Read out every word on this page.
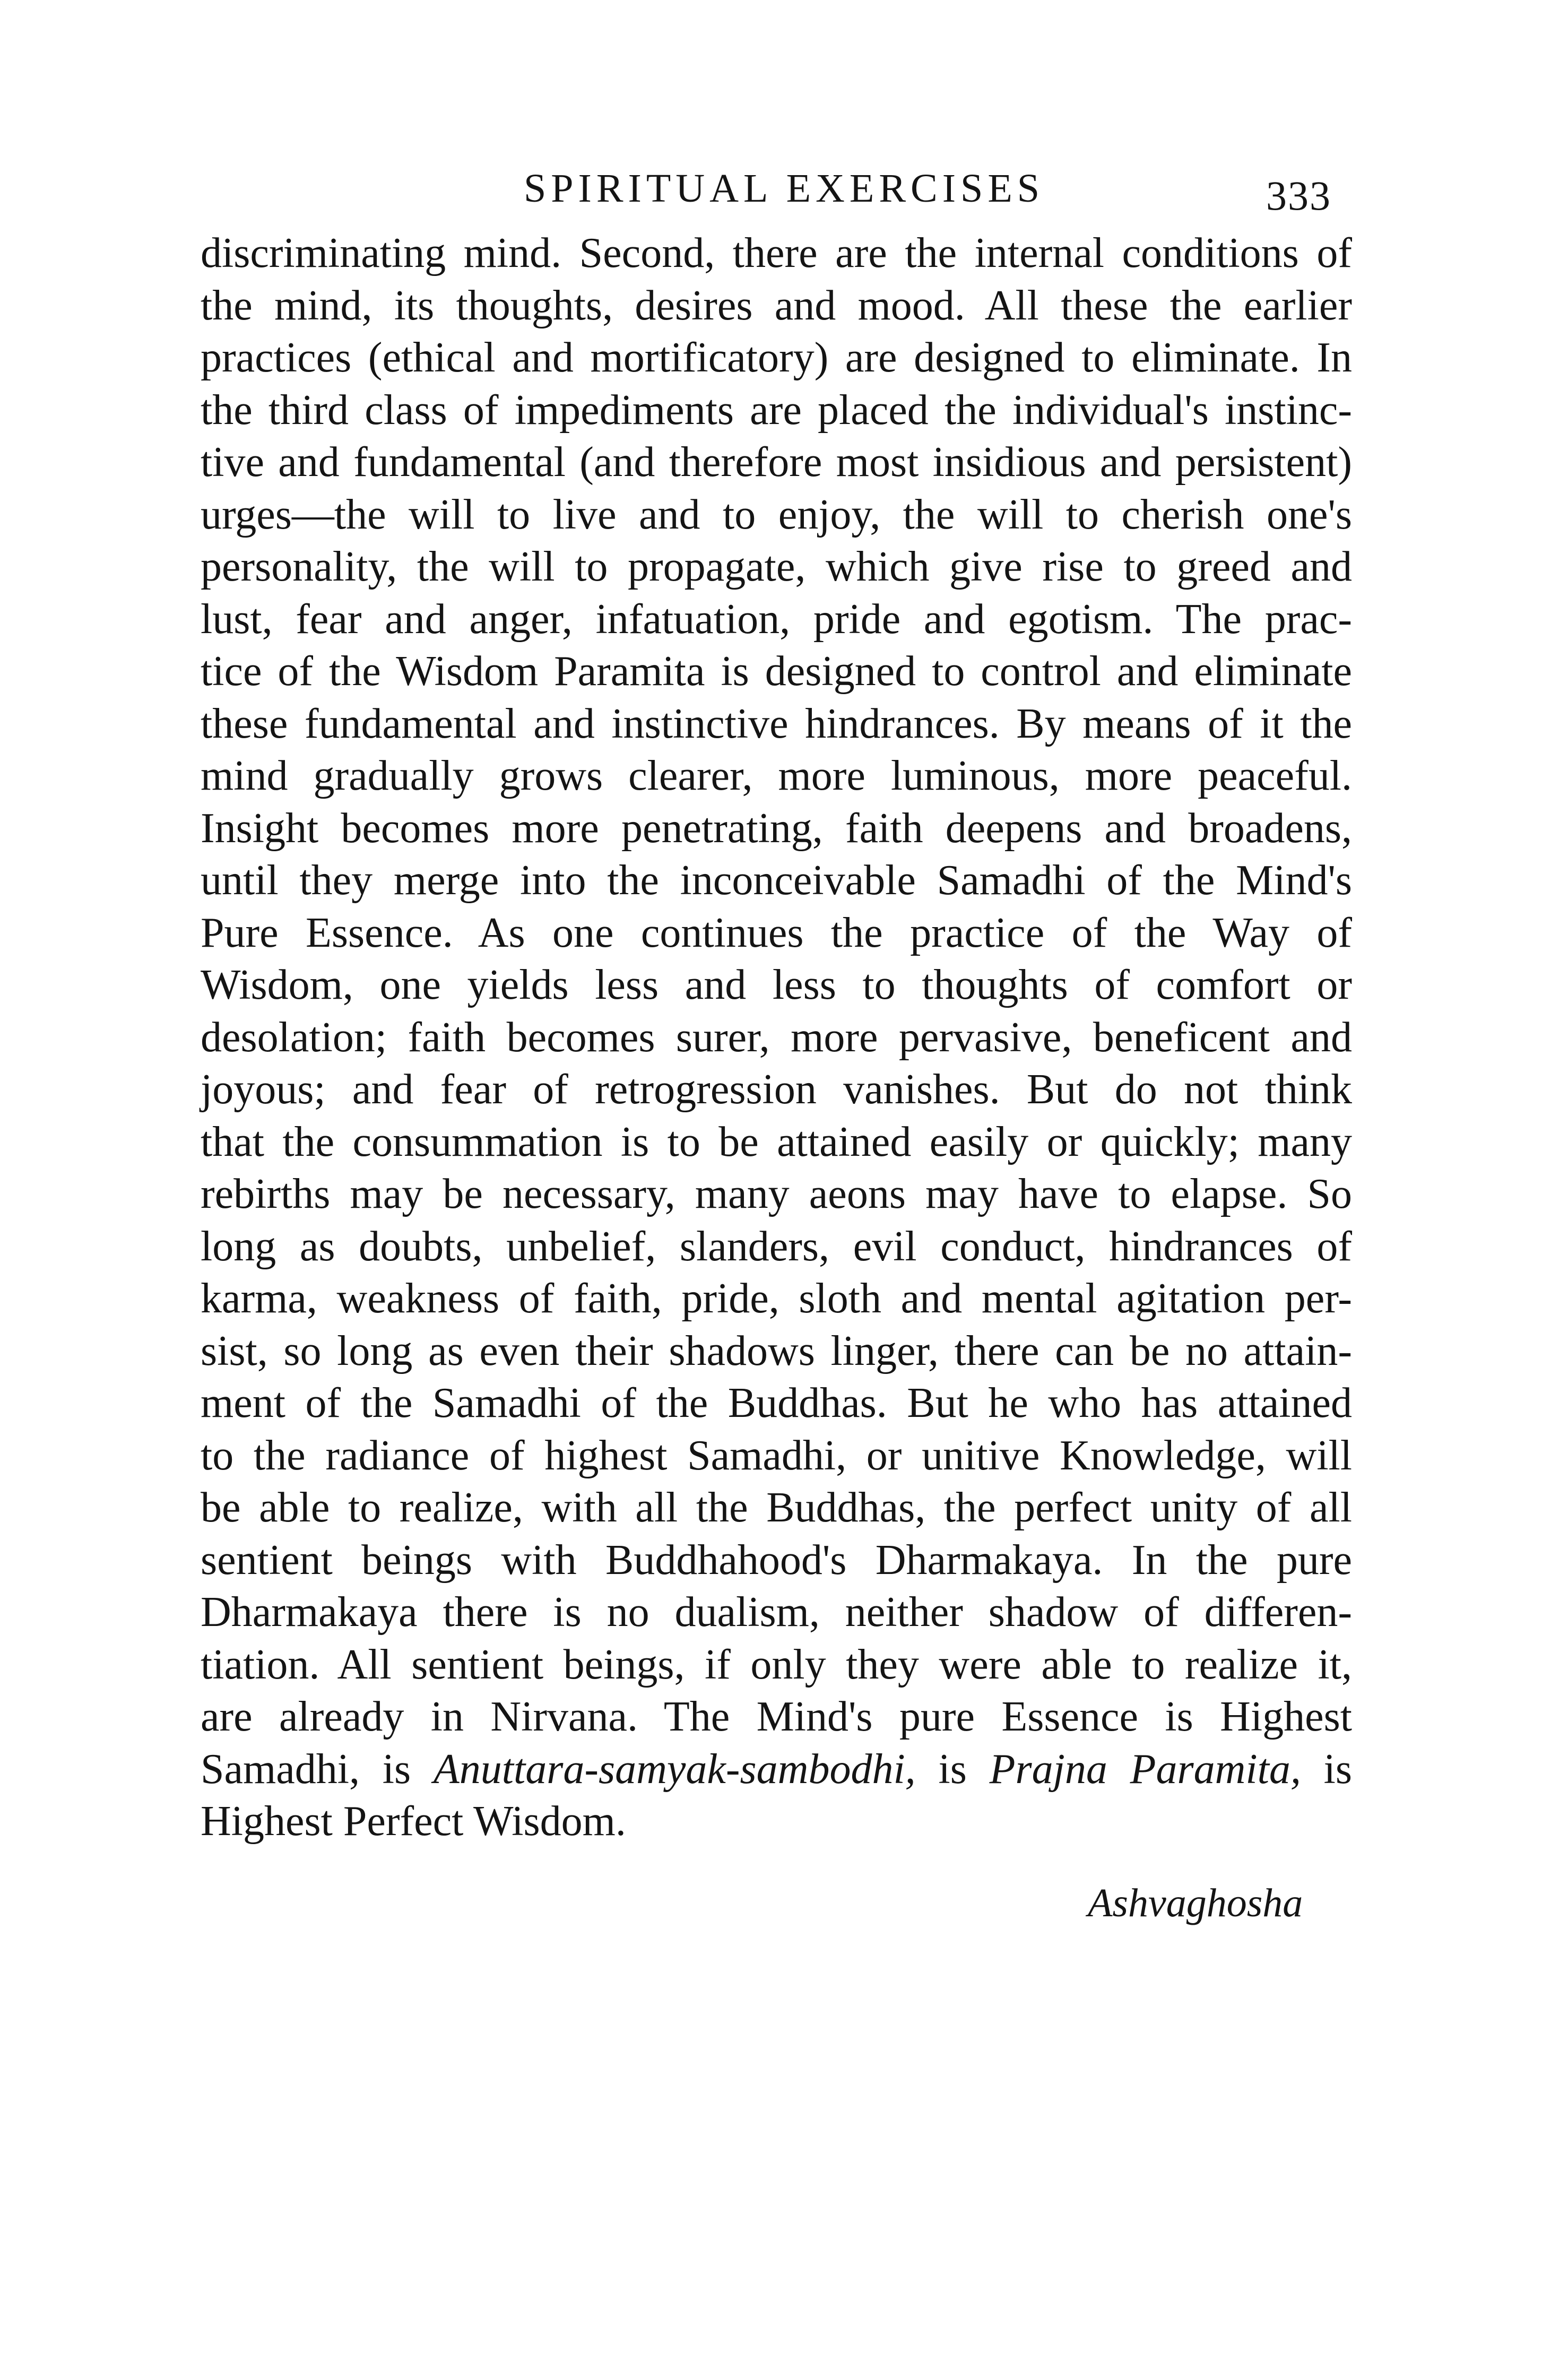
SPIRITUAL EXERCISES	333
discriminating mind. Second, there are the internal conditions of
the mind, its thoughts, desires and mood. All these the earlier
practices (ethical and mortificatory) are designed to eliminate. In
the third class of impediments are placed the individual's instinc-
tive and fundamental (and therefore most insidious and persistent)
urges—the will to live and to enjoy, the will to cherish one's
personality, the will to propagate, which give rise to greed and
lust, fear and anger, infatuation, pride and egotism. The prac-
tice of the Wisdom Paramita is designed to control and eliminate
these fundamental and instinctive hindrances. By means of it the
mind gradually grows clearer, more luminous, more peaceful.
Insight becomes more penetrating, faith deepens and broadens,
until they merge into the inconceivable Samadhi of the Mind's
Pure Essence. As one continues the practice of the Way of
Wisdom, one yields less and less to thoughts of comfort or
desolation; faith becomes surer, more pervasive, beneficent and
joyous; and fear of retrogression vanishes. But do not think
that the consummation is to be attained easily or quickly; many
rebirths may be necessary, many aeons may have to elapse. So
long as doubts, unbelief, slanders, evil conduct, hindrances of
karma, weakness of faith, pride, sloth and mental agitation per-
sist, so long as even their shadows linger, there can be no attain-
ment of the Samadhi of the Buddhas. But he who has attained
to the radiance of highest Samadhi, or unitive Knowledge, will
be able to realize, with all the Buddhas, the perfect unity of all
sentient beings with Buddhahood's Dharmakaya. In the pure
Dharmakaya there is no dualism, neither shadow of differen-
tiation. All sentient beings, if only they were able to realize it,
are already in Nirvana. The Mind's pure Essence is Highest
Samadhi, is Anuttara-samyak-sambodhi, is Prajna Paramita, is
Highest Perfect Wisdom.
Ashvaghosha
